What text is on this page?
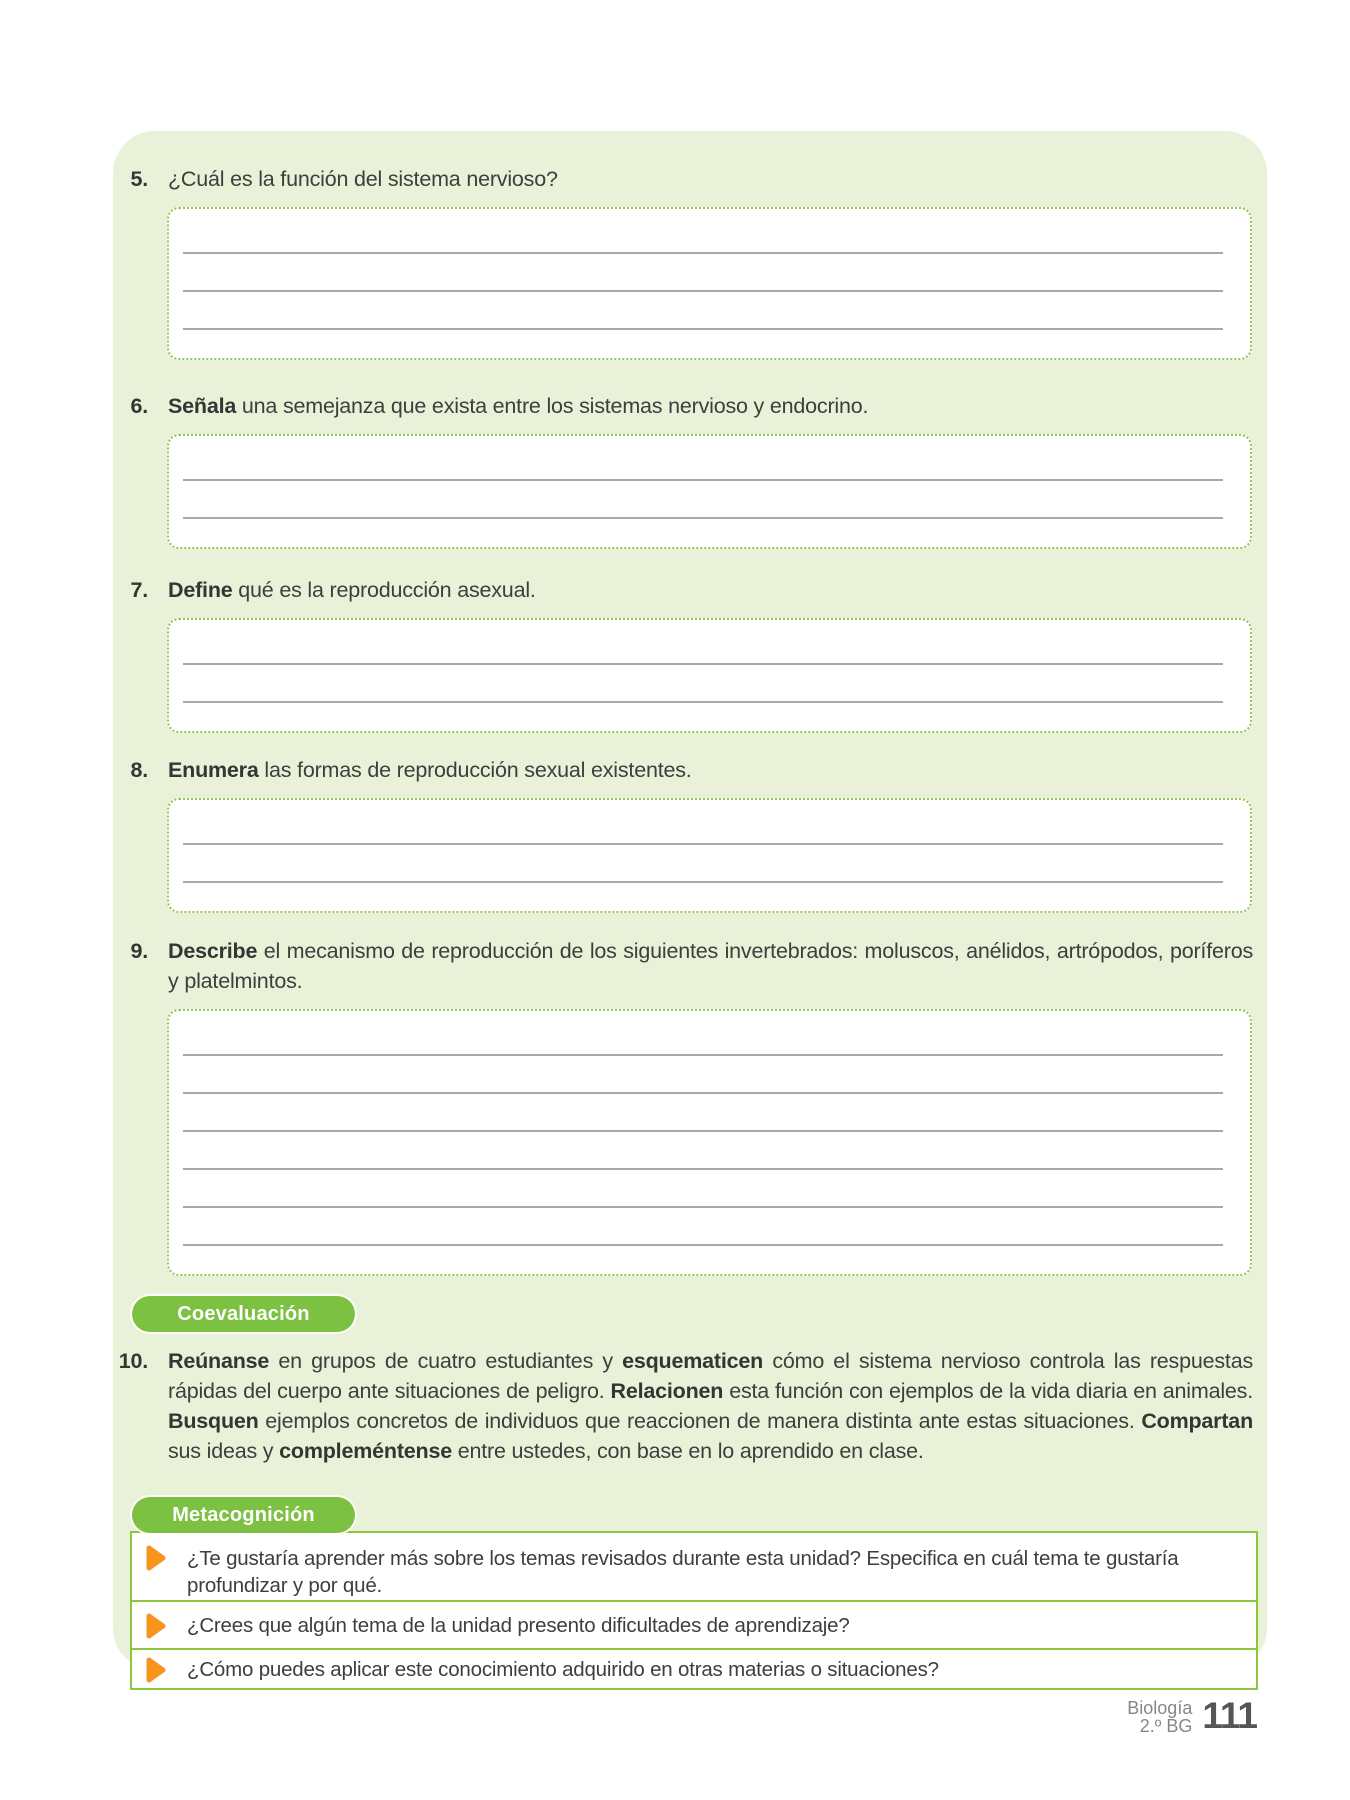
5. ¿Cuál es la función del sistema nervioso?
6. Señala una semejanza que exista entre los sistemas nervioso y endocrino.
7. Define qué es la reproducción asexual.
8. Enumera las formas de reproducción sexual existentes.
9. Describe el mecanismo de reproducción de los siguientes invertebrados: moluscos, anélidos, artrópodos, poríferos y platelmintos.
Coevaluación
10. Reúnanse en grupos de cuatro estudiantes y esquematicen cómo el sistema nervioso controla las respuestas rápidas del cuerpo ante situaciones de peligro. Relacionen esta función con ejemplos de la vida diaria en animales. Busquen ejemplos concretos de individuos que reaccionen de manera distinta ante estas situaciones. Compartan sus ideas y compleméntense entre ustedes, con base en lo aprendido en clase.
Metacognición
¿Te gustaría aprender más sobre los temas revisados durante esta unidad? Especifica en cuál tema te gustaría profundizar y por qué.
¿Crees que algún tema de la unidad presento dificultades de aprendizaje?
¿Cómo puedes aplicar este conocimiento adquirido en otras materias o situaciones?
Biología
2.º BG 111
